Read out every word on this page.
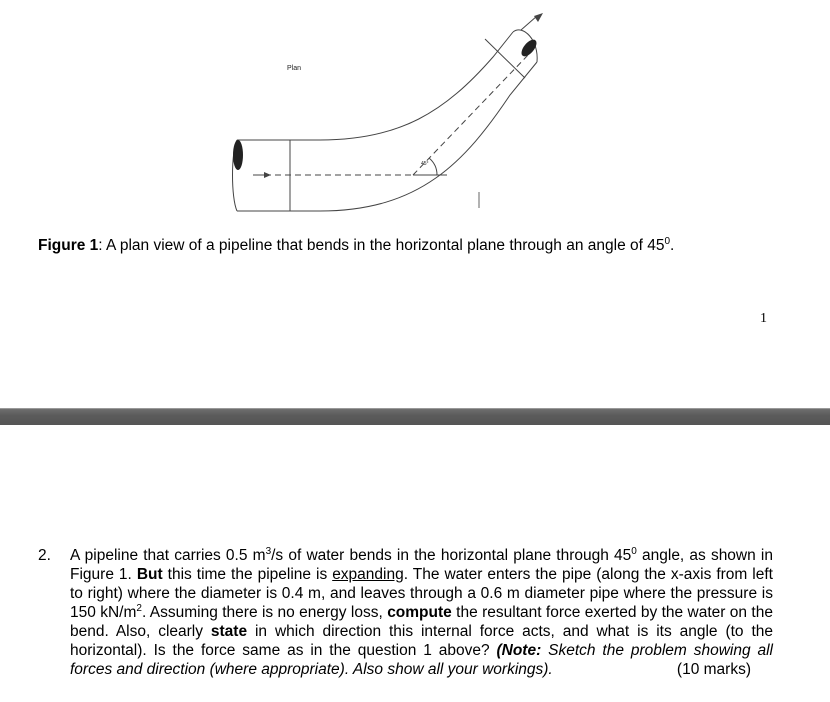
45°
Plan
Figure 1: A plan view of a pipeline that bends in the horizontal plane through an angle of $45^0$.
1
2. A pipeline that carries 0.5 $m^3/s$ of water bends in the horizontal plane through $45^0$ angle, as shown in Figure 1. But this time the pipeline is expanding. The water enters the pipe (along the x-axis from left to right) where the diameter is 0.4 m, and leaves through a 0.6 m diameter pipe where the pressure is 150 $kN/m^2$. Assuming there is no energy loss, compute the resultant force exerted by the water on the bend. Also, clearly state in which direction this internal force acts, and what is its angle (to the horizontal). Is the force same as in the question 1 above? (Note: Sketch the problem showing all forces and direction (where appropriate). Also show all your workings).	(10 marks)
